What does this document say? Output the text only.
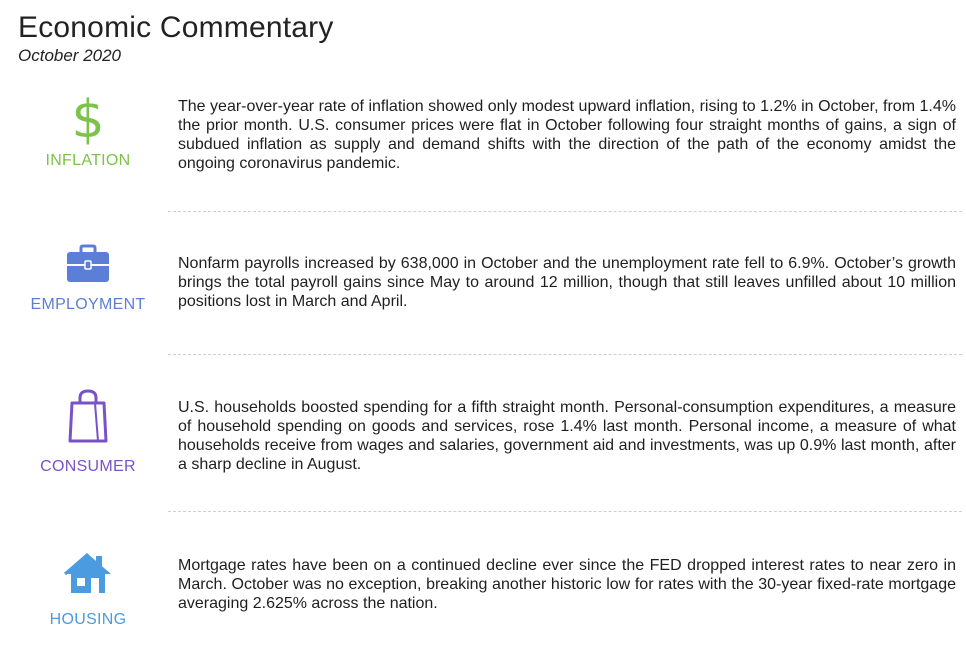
Economic Commentary
October 2020
$
INFLATION
The year-over-year rate of inflation showed only modest upward inflation, rising to 1.2% in October, from 1.4% the prior month. U.S. consumer prices were flat in October following four straight months of gains, a sign of subdued inflation as supply and demand shifts with the direction of the path of the economy amidst the ongoing coronavirus pandemic.
EMPLOYMENT
Nonfarm payrolls increased by 638,000 in October and the unemployment rate fell to 6.9%. October’s growth brings the total payroll gains since May to around 12 million, though that still leaves unfilled about 10 million positions lost in March and April.
CONSUMER
U.S. households boosted spending for a fifth straight month. Personal-consumption expenditures, a measure of household spending on goods and services, rose 1.4% last month. Personal income, a measure of what households receive from wages and salaries, government aid and investments, was up 0.9% last month, after a sharp decline in August.
HOUSING
Mortgage rates have been on a continued decline ever since the FED dropped interest rates to near zero in March. October was no exception, breaking another historic low for rates with the 30-year fixed-rate mortgage averaging 2.625% across the nation.
